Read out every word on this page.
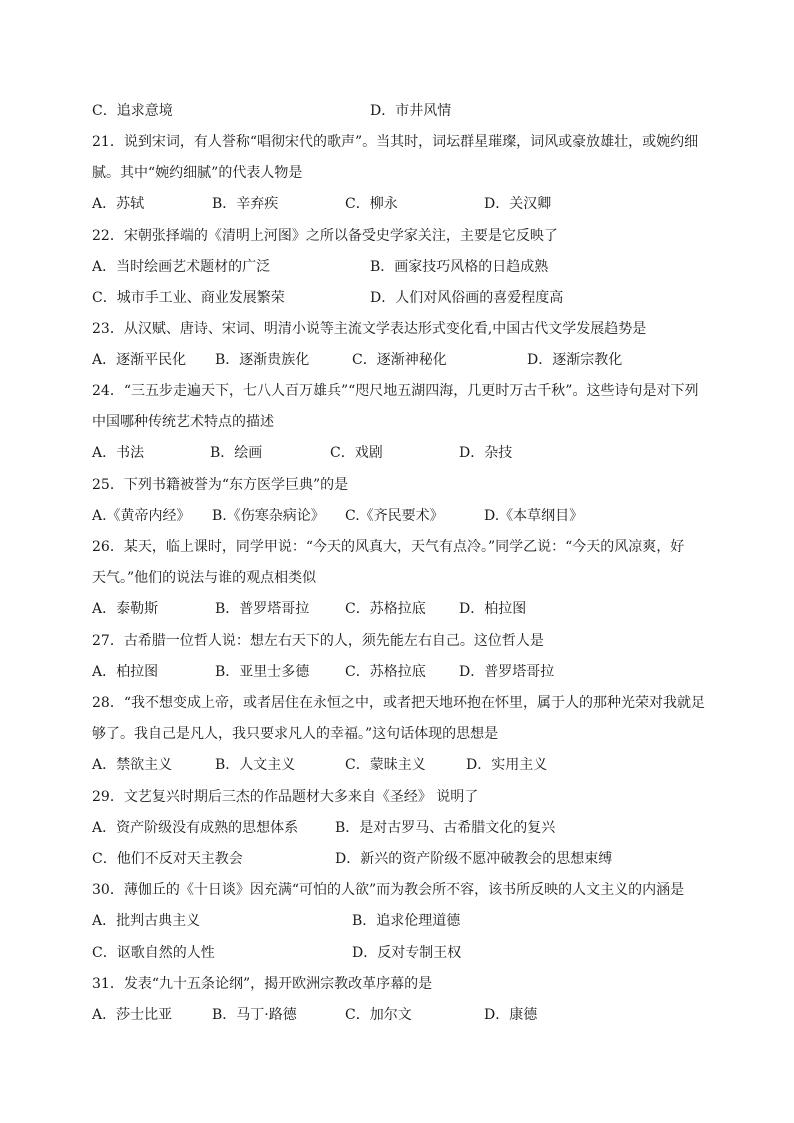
C．追求意境	D．市井风情
21．说到宋词，有人誉称“唱彻宋代的歌声”。当其时，词坛群星璀璨，词风或豪放雄壮，或婉约细
腻。其中“婉约细腻”的代表人物是
A．苏轼	B．辛弃疾	C．柳永	D．关汉卿
22．宋朝张择端的《清明上河图》之所以备受史学家关注，主要是它反映了
A．当时绘画艺术题材的广泛	B．画家技巧风格的日趋成熟
C．城市手工业、商业发展繁荣	D．人们对风俗画的喜爱程度高
23．从汉赋、唐诗、宋词、明清小说等主流文学表达形式变化看,中国古代文学发展趋势是
A．逐渐平民化 B．逐渐贵族化	C．逐渐神秘化	D．逐渐宗教化
24．“三五步走遍天下，七八人百万雄兵”“咫尺地五湖四海，几更时万古千秋”。这些诗句是对下列
中国哪种传统艺术特点的描述
A．书法	B．绘画	C．戏剧	D．杂技
25．下列书籍被誉为“东方医学巨典”的是
A.《黄帝内经》 B.《伤寒杂病论》 C.《齐民要术》	D.《本草纲目》
26．某天，临上课时，同学甲说：“今天的风真大，天气有点冷。”同学乙说：“今天的风凉爽，好
天气。”他们的说法与谁的观点相类似
A．泰勒斯	B．普罗塔哥拉	C．苏格拉底 D．柏拉图
27．古希腊一位哲人说：想左右天下的人，须先能左右自己。这位哲人是
A．柏拉图	B．亚里士多德	C．苏格拉底 D．普罗塔哥拉
28．“我不想变成上帝，或者居住在永恒之中，或者把天地环抱在怀里，属于人的那种光荣对我就足
够了。我自己是凡人，我只要求凡人的幸福。”这句话体现的思想是
A．禁欲主义	B．人文主义	C．蒙昧主义	D．实用主义
29．文艺复兴时期后三杰的作品题材大多来自《圣经》 说明了
A．资产阶级没有成熟的思想体系	B．是对古罗马、古希腊文化的复兴
C．他们不反对天主教会	D．新兴的资产阶级不愿冲破教会的思想束缚
30．薄伽丘的《十日谈》因充满“可怕的人欲”而为教会所不容，该书所反映的人文主义的内涵是
A．批判古典主义	B．追求伦理道德
C．讴歌自然的人性	D．反对专制王权
31．发表“九十五条论纲”，揭开欧洲宗教改革序幕的是
A．莎士比亚	B．马丁·路德	C．加尔文	D．康德
